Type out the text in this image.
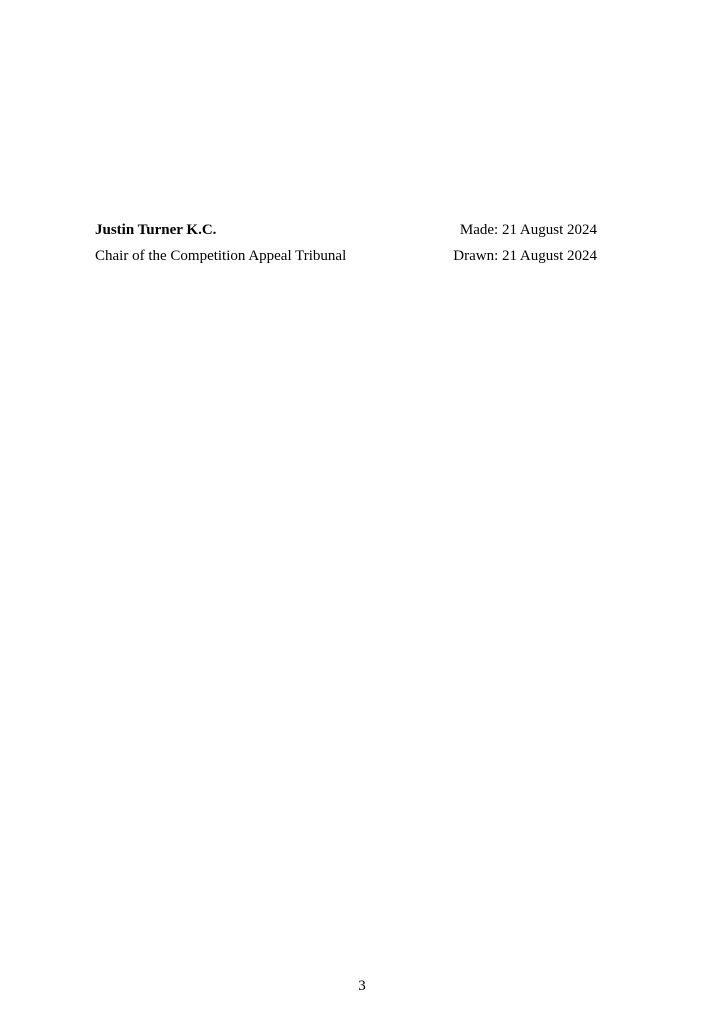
Justin Turner K.C.
Chair of the Competition Appeal Tribunal
Made: 21 August 2024
Drawn: 21 August 2024
3
